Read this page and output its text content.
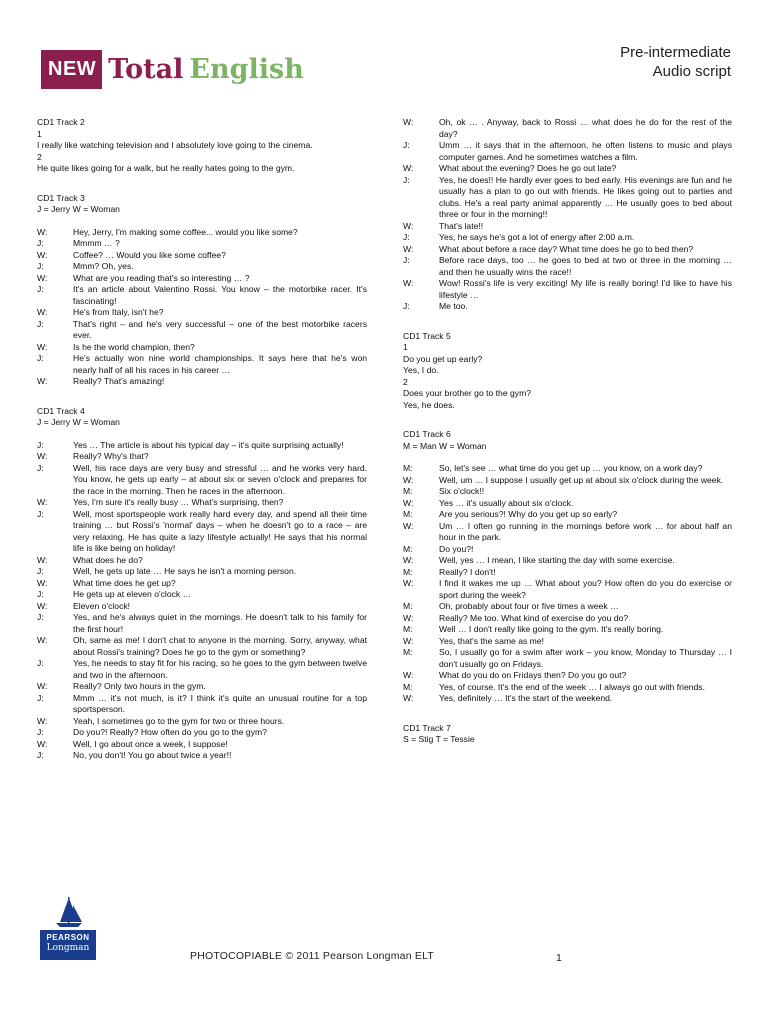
NEW Total English
Pre-intermediate
Audio script
CD1 Track 2
1
I really like watching television and I absolutely love going to the cinema.
2
He quite likes going for a walk, but he really hates going to the gym.
CD1 Track 3
J = Jerry W = Woman
W:	Hey, Jerry, I'm making some coffee... would you like some?
J:	Mmmm … ?
W:	Coffee? … Would you like some coffee?
J:	Mmm? Oh, yes.
W:	What are you reading that's so interesting … ?
J:	It's an article about Valentino Rossi. You know – the motorbike racer. It's fascinating!
W:	He's from Italy, isn't he?
J:	That's right – and he's very successful – one of the best motorbike racers ever.
W:	Is he the world champion, then?
J:	He's actually won nine world championships. It says here that he's won nearly half of all his races in his career …
W:	Really? That's amazing!
CD1 Track 4
J = Jerry W = Woman
J:	Yes … The article is about his typical day – it's quite surprising actually!
W:	Really? Why's that?
J:	Well, his race days are very busy and stressful … and he works very hard. You know, he gets up early – at about six or seven o'clock and prepares for the race in the morning. Then he races in the afternoon.
W:	Yes, I'm sure it's really busy … What's surprising, then?
J:	Well, most sportspeople work really hard every day, and spend all their time training … but Rossi's 'normal' days – when he doesn't go to a race – are very relaxing. He has quite a lazy lifestyle actually! He says that his normal life is like being on holiday!
W:	What does he do?
J:	Well, he gets up late … He says he isn't a morning person.
W:	What time does he get up?
J:	He gets up at eleven o'clock …
W:	Eleven o'clock!
J:	Yes, and he's always quiet in the mornings. He doesn't talk to his family for the first hour!
W:	Oh, same as me! I don't chat to anyone in the morning. Sorry, anyway, what about Rossi's training? Does he go to the gym or something?
J:	Yes, he needs to stay fit for his racing, so he goes to the gym between twelve and two in the afternoon.
W:	Really? Only two hours in the gym.
J:	Mmm … it's not much, is it? I think it's quite an unusual routine for a top sportsperson.
W:	Yeah, I sometimes go to the gym for two or three hours.
J:	Do you?! Really? How often do you go to the gym?
W:	Well, I go about once a week, I suppose!
J:	No, you don't! You go about twice a year!!
W:	Oh, ok … . Anyway, back to Rossi … what does he do for the rest of the day?
J:	Umm … it says that in the afternoon, he often listens to music and plays computer games. And he sometimes watches a film.
W:	What about the evening? Does he go out late?
J:	Yes, he does!! He hardly ever goes to bed early. His evenings are fun and he usually has a plan to go out with friends. He likes going out to parties and clubs. He's a real party animal apparently … He usually goes to bed about three or four in the morning!!
W:	That's late!!
J:	Yes, he says he's got a lot of energy after 2:00 a.m.
W:	What about before a race day? What time does he go to bed then?
J:	Before race days, too … he goes to bed at two or three in the morning … and then he usually wins the race!!
W:	Wow! Rossi's life is very exciting! My life is really boring! I'd like to have his lifestyle …
J:	Me too.
CD1 Track 5
1
Do you get up early?
Yes, I do.
2
Does your brother go to the gym?
Yes, he does.
CD1 Track 6
M = Man W = Woman
M:	So, let's see … what time do you get up … you know, on a work day?
W:	Well, um … I suppose I usually get up at about six o'clock during the week.
M:	Six o'clock!!
W:	Yes … it's usually about six o'clock.
M:	Are you serious?! Why do you get up so early?
W:	Um … I often go running in the mornings before work … for about half an hour in the park.
M:	Do you?!
W:	Well, yes … I mean, I like starting the day with some exercise.
M:	Really? I don't!
W:	I find it wakes me up … What about you? How often do you do exercise or sport during the week?
M:	Oh, probably about four or five times a week …
W:	Really? Me too. What kind of exercise do you do?
M:	Well … I don't really like going to the gym. It's really boring.
W:	Yes, that's the same as me!
M:	So, I usually go for a swim after work – you know, Monday to Thursday … I don't usually go on Fridays.
W:	What do you do on Fridays then? Do you go out?
M:	Yes, of course. It's the end of the week … I always go out with friends.
W:	Yes, definitely … It's the start of the weekend.
CD1 Track 7
S = Stig T = Tessie
PEARSON
Longman
PHOTOCOPIABLE © 2011 Pearson Longman ELT	1
